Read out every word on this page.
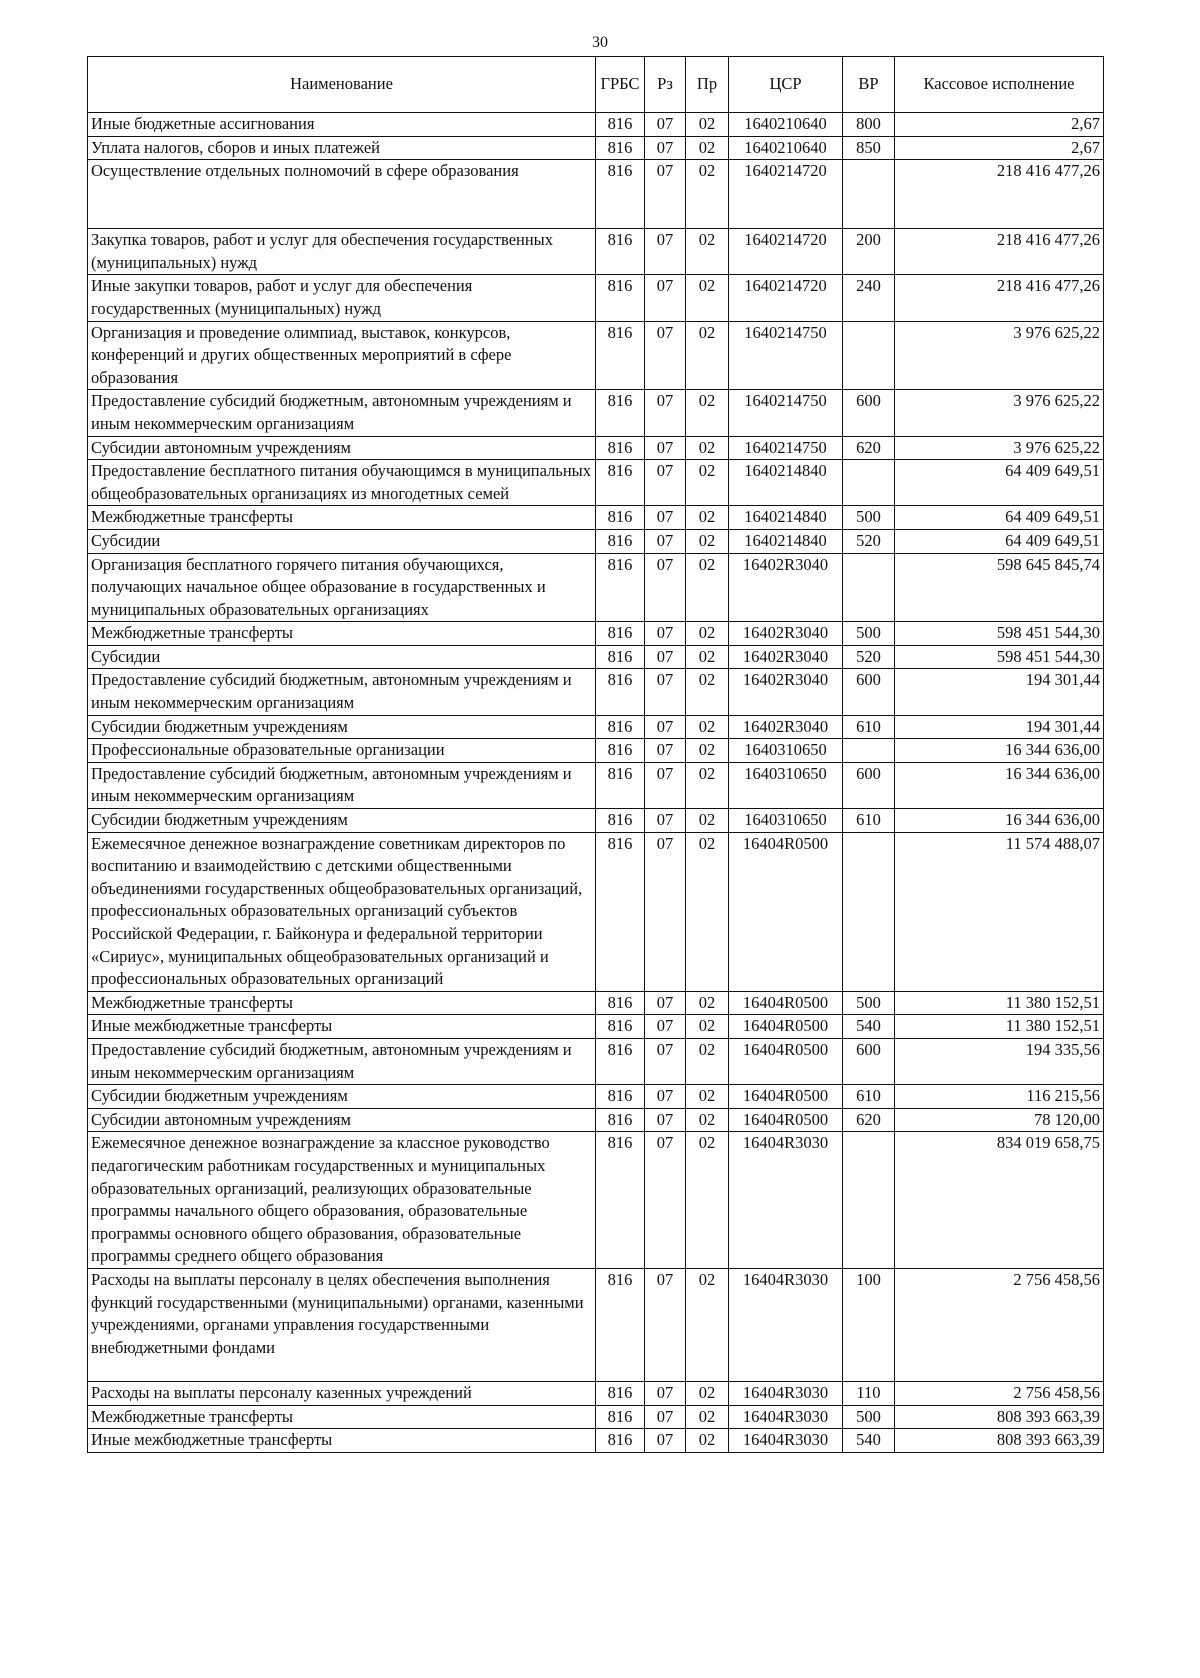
30
Наименование	ГРБС	Рз	Пр	ЦСР	ВР	Кассовое исполнение
Иные бюджетные ассигнования	816	07	02	1640210640	800	2,67
Уплата налогов, сборов и иных платежей	816	07	02	1640210640	850	2,67
Осуществление отдельных полномочий в сфере образования	816	07	02	1640214720		218 416 477,26
Закупка товаров, работ и услуг для обеспечения государственных (муниципальных) нужд	816	07	02	1640214720	200	218 416 477,26
Иные закупки товаров, работ и услуг для обеспечения государственных (муниципальных) нужд	816	07	02	1640214720	240	218 416 477,26
Организация и проведение олимпиад, выставок, конкурсов, конференций и других общественных мероприятий в сфере образования	816	07	02	1640214750		3 976 625,22
Предоставление субсидий бюджетным, автономным учреждениям и иным некоммерческим организациям	816	07	02	1640214750	600	3 976 625,22
Субсидии автономным учреждениям	816	07	02	1640214750	620	3 976 625,22
Предоставление бесплатного питания обучающимся в муниципальных общеобразовательных организациях из многодетных семей	816	07	02	1640214840		64 409 649,51
Межбюджетные трансферты	816	07	02	1640214840	500	64 409 649,51
Субсидии	816	07	02	1640214840	520	64 409 649,51
Организация бесплатного горячего питания обучающихся, получающих начальное общее образование в государственных и муниципальных образовательных организациях	816	07	02	16402R3040		598 645 845,74
Межбюджетные трансферты	816	07	02	16402R3040	500	598 451 544,30
Субсидии	816	07	02	16402R3040	520	598 451 544,30
Предоставление субсидий бюджетным, автономным учреждениям и иным некоммерческим организациям	816	07	02	16402R3040	600	194 301,44
Субсидии бюджетным учреждениям	816	07	02	16402R3040	610	194 301,44
Профессиональные образовательные организации	816	07	02	1640310650		16 344 636,00
Предоставление субсидий бюджетным, автономным учреждениям и иным некоммерческим организациям	816	07	02	1640310650	600	16 344 636,00
Субсидии бюджетным учреждениям	816	07	02	1640310650	610	16 344 636,00
Ежемесячное денежное вознаграждение советникам директоров по воспитанию и взаимодействию с детскими общественными объединениями государственных общеобразовательных организаций, профессиональных образовательных организаций субъектов Российской Федерации, г. Байконура и федеральной территории «Сириус», муниципальных общеобразовательных организаций и профессиональных образовательных организаций	816	07	02	16404R0500		11 574 488,07
Межбюджетные трансферты	816	07	02	16404R0500	500	11 380 152,51
Иные межбюджетные трансферты	816	07	02	16404R0500	540	11 380 152,51
Предоставление субсидий бюджетным, автономным учреждениям и иным некоммерческим организациям	816	07	02	16404R0500	600	194 335,56
Субсидии бюджетным учреждениям	816	07	02	16404R0500	610	116 215,56
Субсидии автономным учреждениям	816	07	02	16404R0500	620	78 120,00
Ежемесячное денежное вознаграждение за классное руководство педагогическим работникам государственных и муниципальных образовательных организаций, реализующих образовательные программы начального общего образования, образовательные программы основного общего образования, образовательные программы среднего общего образования	816	07	02	16404R3030		834 019 658,75
Расходы на выплаты персоналу в целях обеспечения выполнения функций государственными (муниципальными) органами, казенными учреждениями, органами управления государственными внебюджетными фондами	816	07	02	16404R3030	100	2 756 458,56
Расходы на выплаты персоналу казенных учреждений	816	07	02	16404R3030	110	2 756 458,56
Межбюджетные трансферты	816	07	02	16404R3030	500	808 393 663,39
Иные межбюджетные трансферты	816	07	02	16404R3030	540	808 393 663,39
